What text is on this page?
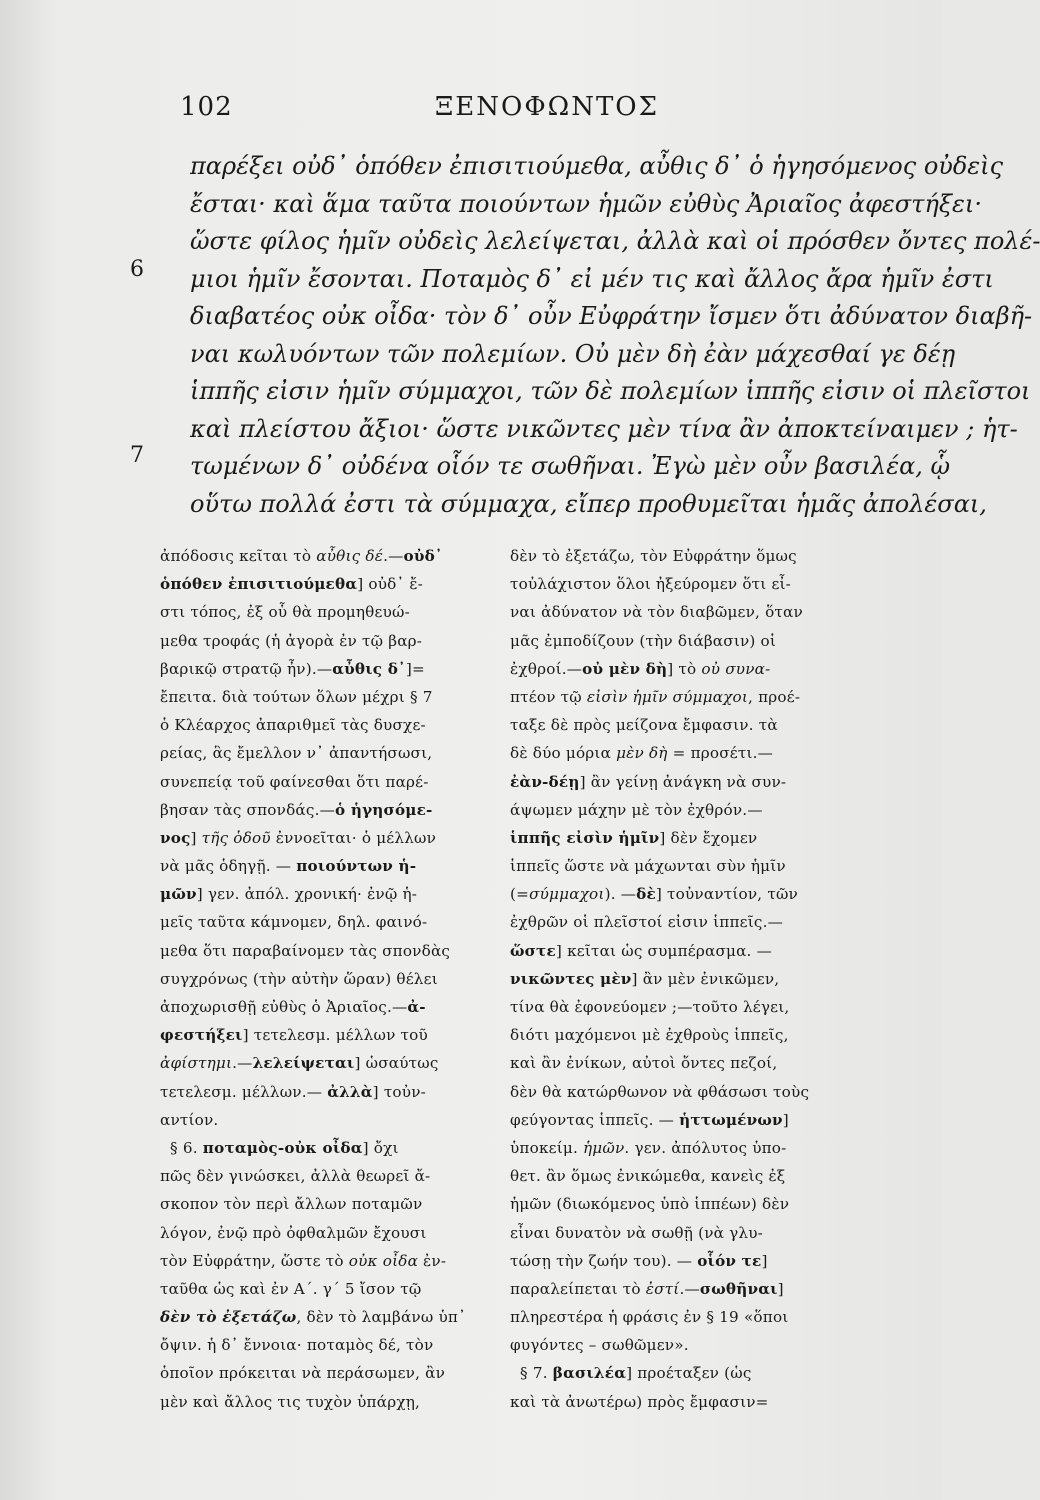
102	ΞΕΝΟΦΩΝΤΟΣ
6
7
παρέξει οὐδ᾽ ὁπόθεν ἐπισιτιούμεθα, αὖθις δ᾽ ὁ ἡγησόμενος οὐδεὶς
ἔσται· καὶ ἅμα ταῦτα ποιούντων ἡμῶν εὐθὺς Ἀριαῖος ἀφεστήξει·
ὥστε φίλος ἡμῖν οὐδεὶς λελείψεται, ἀλλὰ καὶ οἱ πρόσθεν ὄντες πολέ-
μιοι ἡμῖν ἔσονται. Ποταμὸς δ᾽ εἰ μέν τις καὶ ἄλλος ἄρα ἡμῖν ἐστι
διαβατέος οὐκ οἶδα· τὸν δ᾽ οὖν Εὐφράτην ἴσμεν ὅτι ἀδύνατον διαβῆ-
ναι κωλυόντων τῶν πολεμίων. Οὐ μὲν δὴ ἐὰν μάχεσθαί γε δέῃ
ἱππῆς εἰσιν ἡμῖν σύμμαχοι, τῶν δὲ πολεμίων ἱππῆς εἰσιν οἱ πλεῖστοι
καὶ πλείστου ἄξιοι· ὥστε νικῶντες μὲν τίνα ἂν ἀποκτείναιμεν ; ἡτ-
τωμένων δ᾽ οὐδένα οἷόν τε σωθῆναι. Ἐγὼ μὲν οὖν βασιλέα, ᾧ
οὕτω πολλά ἐστι τὰ σύμμαχα, εἴπερ προθυμεῖται ἡμᾶς ἀπολέσαι,
ἀπόδοσις κεῖται τὸ αὖθις δέ.—οὐδ᾽
ὁπόθεν ἐπισιτιούμεθα] οὐδ᾽ ἔ-
στι τόπος, ἐξ οὗ θὰ προμηθευώ-
μεθα τροφάς (ἡ ἀγορὰ ἐν τῷ βαρ-
βαρικῷ στρατῷ ἦν).—αὖθις δ᾽]=
ἔπειτα. διὰ τούτων ὅλων μέχρι § 7
ὁ Κλέαρχος ἀπαριθμεῖ τὰς δυσχε-
ρείας, ἃς ἔμελλον ν᾽ ἀπαντήσωσι,
συνεπείᾳ τοῦ φαίνεσθαι ὅτι παρέ-
βησαν τὰς σπονδάς.—ὁ ἡγησόμε-
νος] τῆς ὁδοῦ ἐννοεῖται· ὁ μέλλων
νὰ μᾶς ὁδηγῇ. — ποιούντων ἡ-
μῶν] γεν. ἀπόλ. χρονική· ἐνῷ ἡ-
μεῖς ταῦτα κάμνομεν, δηλ. φαινό-
μεθα ὅτι παραβαίνομεν τὰς σπονδὰς
συγχρόνως (τὴν αὐτὴν ὥραν) θέλει
ἀποχωρισθῇ εὐθὺς ὁ Ἀριαῖος.—ἀ-
φεστήξει] τετελεσμ. μέλλων τοῦ
ἀφίστημι.—λελείψεται] ὡσαύτως
τετελεσμ. μέλλων.— ἀλλὰ] τοὐν-
αντίον.
§ 6. ποταμὸς-οὐκ οἶδα] ὄχι
πῶς δὲν γινώσκει, ἀλλὰ θεωρεῖ ἄ-
σκοπον τὸν περὶ ἄλλων ποταμῶν
λόγον, ἐνῷ πρὸ ὀφθαλμῶν ἔχουσι
τὸν Εὐφράτην, ὥστε τὸ οὐκ οἶδα ἐν-
ταῦθα ὡς καὶ ἐν Α΄. γ΄ 5 ἴσον τῷ
δὲν τὸ ἐξετάζω, δὲν τὸ λαμβάνω ὑπ᾽
ὄψιν. ἡ δ᾽ ἔννοια· ποταμὸς δέ, τὸν
ὁποῖον πρόκειται νὰ περάσωμεν, ἂν
μὲν καὶ ἄλλος τις τυχὸν ὑπάρχῃ,
δὲν τὸ ἐξετάζω, τὸν Εὐφράτην ὅμως
τοὐλάχιστον ὅλοι ἠξεύρομεν ὅτι εἶ-
ναι ἀδύνατον νὰ τὸν διαβῶμεν, ὅταν
μᾶς ἐμποδίζουν (τὴν διάβασιν) οἱ
ἐχθροί.—οὐ μὲν δὴ] τὸ οὐ συνα-
πτέον τῷ εἰσὶν ἡμῖν σύμμαχοι, προέ-
ταξε δὲ πρὸς μείζονα ἔμφασιν. τὰ
δὲ δύο μόρια μὲν δὴ = προσέτι.—
ἐὰν-δέῃ] ἂν γείνῃ ἀνάγκη νὰ συν-
άψωμεν μάχην μὲ τὸν ἐχθρόν.—
ἱππῆς εἰσὶν ἡμῖν] δὲν ἔχομεν
ἱππεῖς ὥστε νὰ μάχωνται σὺν ἡμῖν
(=σύμμαχοι). —δὲ] τοὐναντίον, τῶν
ἐχθρῶν οἱ πλεῖστοί εἰσιν ἱππεῖς.—
ὥστε] κεῖται ὡς συμπέρασμα. —
νικῶντες μὲν] ἂν μὲν ἐνικῶμεν,
τίνα θὰ ἐφονεύομεν ;—τοῦτο λέγει,
διότι μαχόμενοι μὲ ἐχθροὺς ἱππεῖς,
καὶ ἂν ἐνίκων, αὐτοὶ ὄντες πεζοί,
δὲν θὰ κατώρθωνον νὰ φθάσωσι τοὺς
φεύγοντας ἱππεῖς. — ἡττωμένων]
ὑποκείμ. ἡμῶν. γεν. ἀπόλυτος ὑπο-
θετ. ἂν ὅμως ἐνικώμεθα, κανεὶς ἐξ
ἡμῶν (διωκόμενος ὑπὸ ἱππέων) δὲν
εἶναι δυνατὸν νὰ σωθῇ (νὰ γλυ-
τώσῃ τὴν ζωήν του). — οἷόν τε]
παραλείπεται τὸ ἐστί.—σωθῆναι]
πληρεστέρα ἡ φράσις ἐν § 19 «ὅποι
φυγόντες – σωθῶμεν».
§ 7. βασιλέα] προέταξεν (ὡς
καὶ τὰ ἀνωτέρω) πρὸς ἔμφασιν=
